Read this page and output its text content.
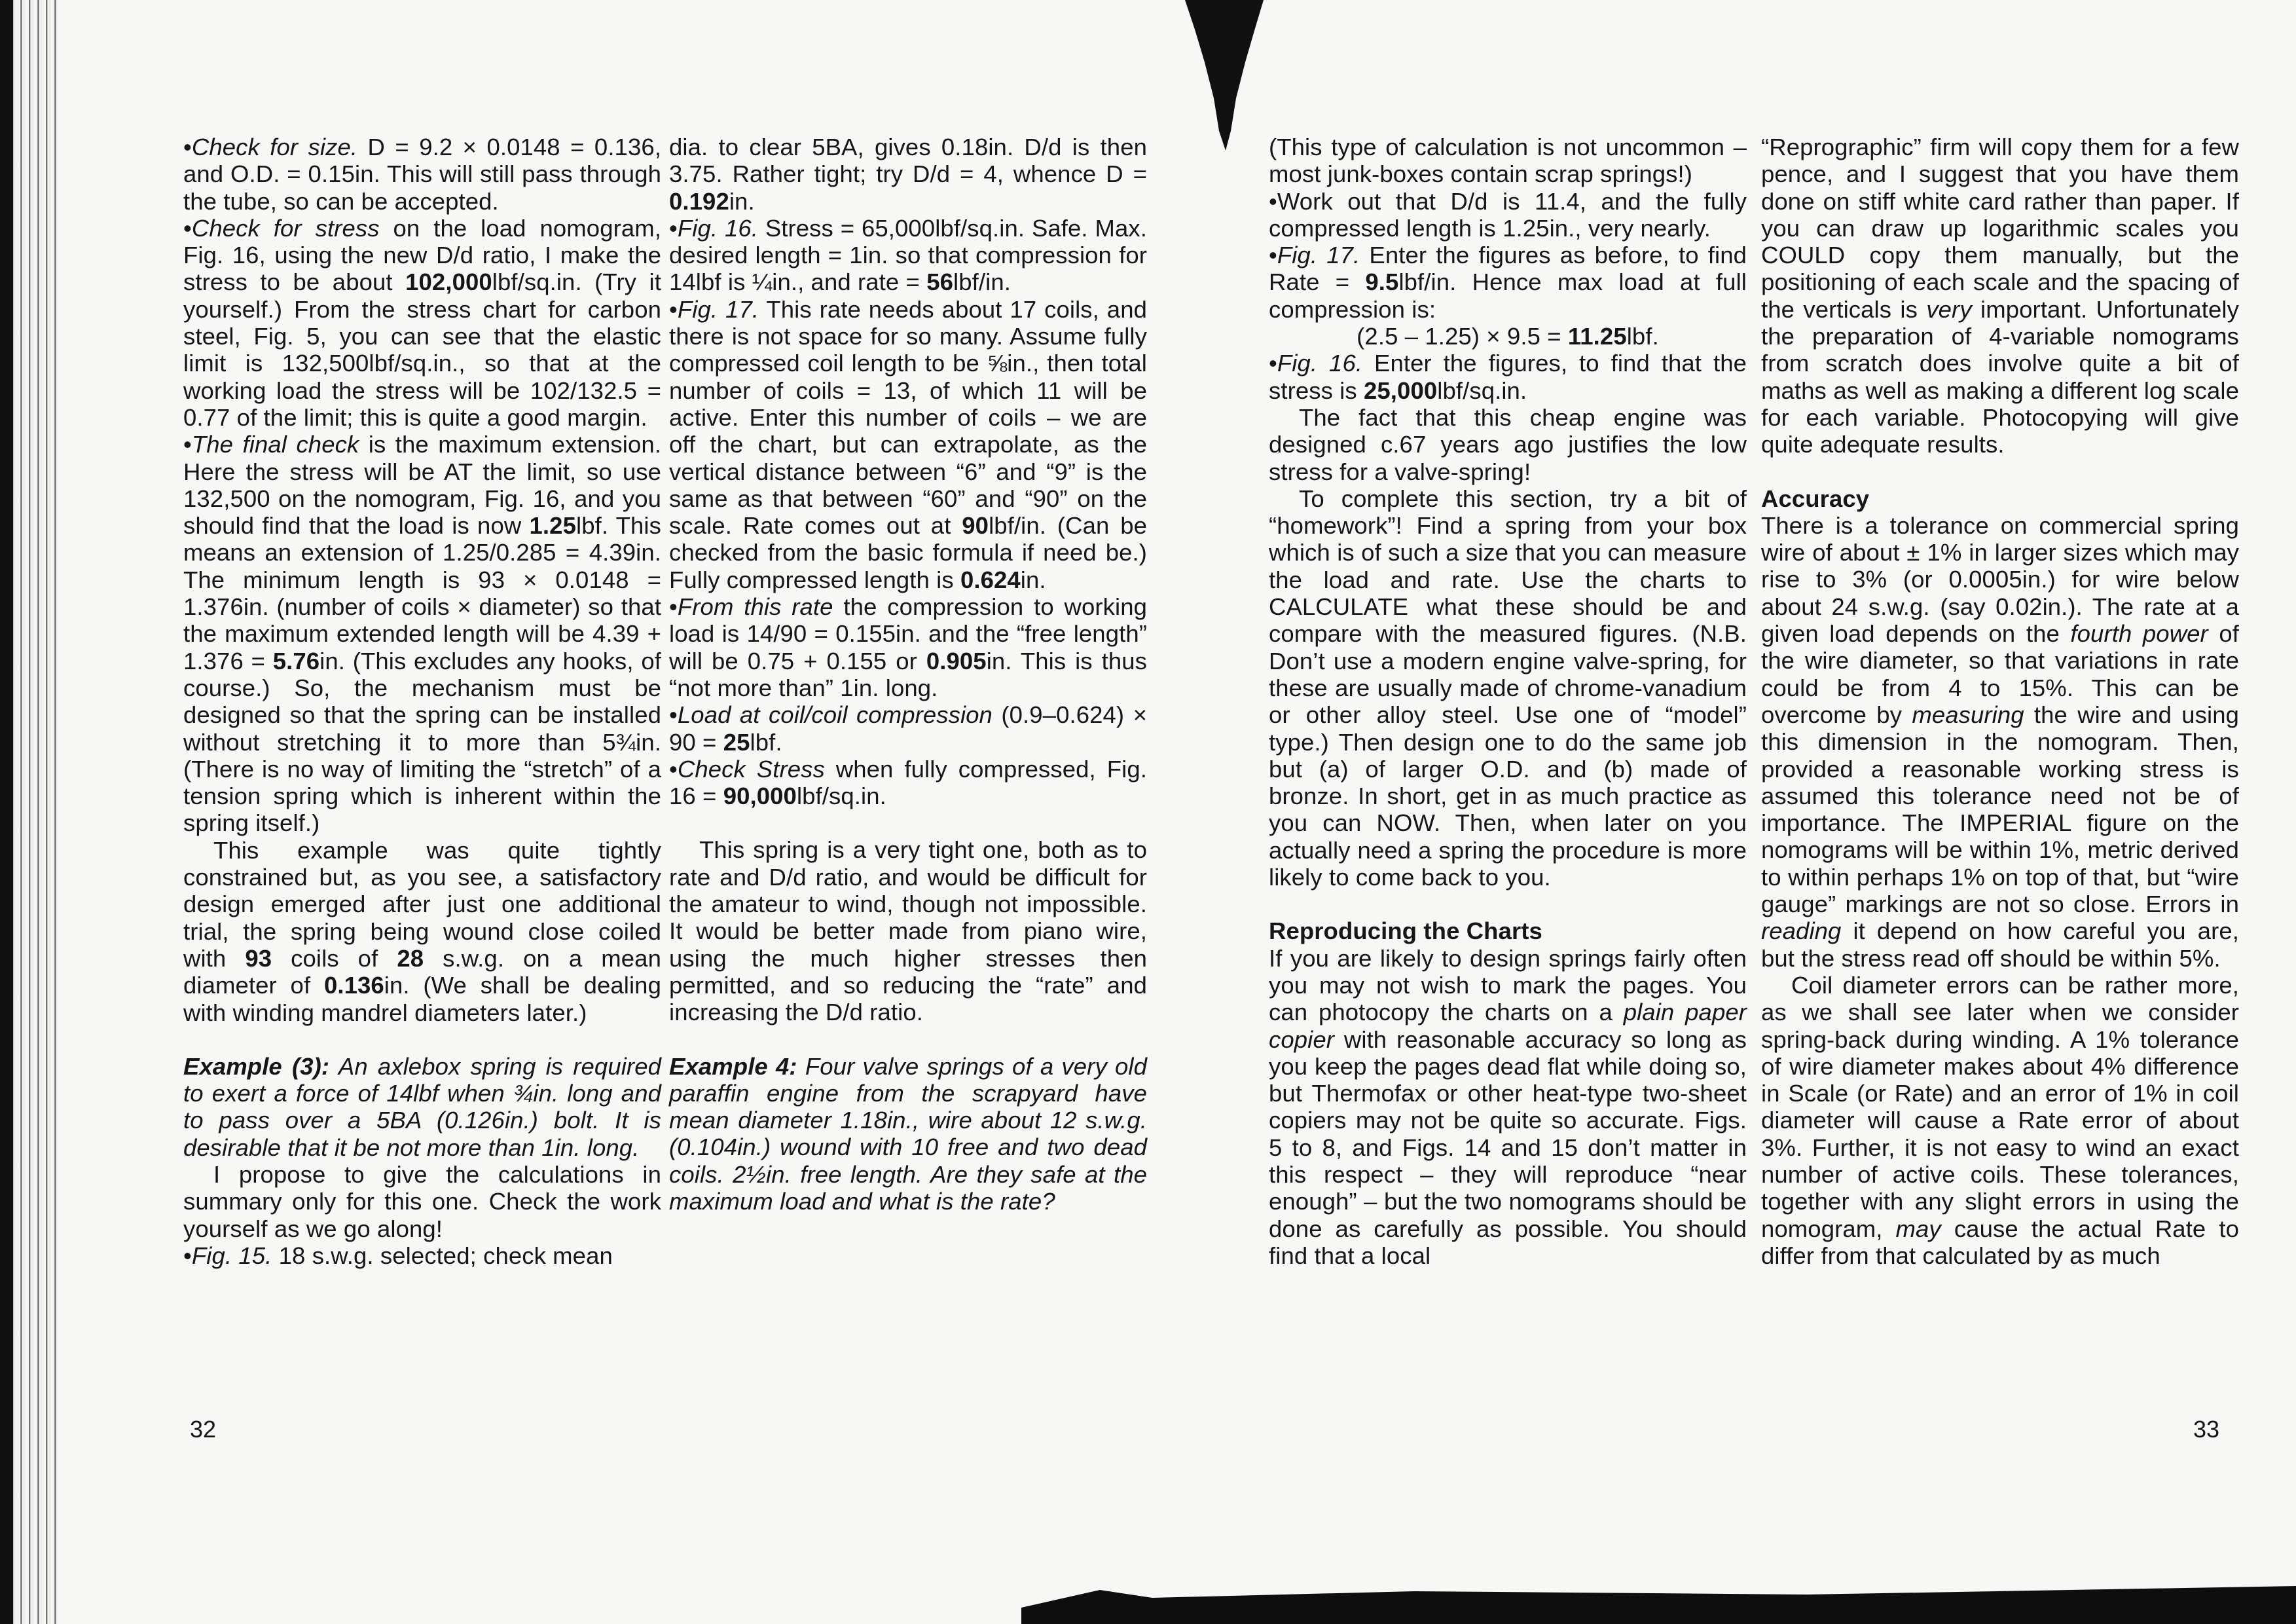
•Check for size. D = 9.2 × 0.0148 = 0.136, and O.D. = 0.15in. This will still pass through the tube, so can be accepted.

•Check for stress on the load nomogram, Fig. 16, using the new D/d ratio, I make the stress to be about 102,000lbf/sq.in. (Try it yourself.) From the stress chart for carbon steel, Fig. 5, you can see that the elastic limit is 132,500lbf/sq.in., so that at the working load the stress will be 102/132.5 = 0.77 of the limit; this is quite a good margin.

•The final check is the maximum extension. Here the stress will be AT the limit, so use 132,500 on the nomogram, Fig. 16, and you should find that the load is now 1.25lbf. This means an extension of 1.25/0.285 = 4.39in. The minimum length is 93 × 0.0148 = 1.376in. (number of coils × diameter) so that the maximum extended length will be 4.39 + 1.376 = 5.76in. (This excludes any hooks, of course.) So, the mechanism must be designed so that the spring can be installed without stretching it to more than 5¾in. (There is no way of limiting the “stretch” of a tension spring which is inherent within the spring itself.)

This example was quite tightly constrained but, as you see, a satisfactory design emerged after just one additional trial, the spring being wound close coiled with 93 coils of 28 s.w.g. on a mean diameter of 0.136in. (We shall be dealing with winding mandrel diameters later.)

Example (3): An axlebox spring is required to exert a force of 14lbf when ¾in. long and to pass over a 5BA (0.126in.) bolt. It is desirable that it be not more than 1in. long.

I propose to give the calculations in summary only for this one. Check the work yourself as we go along!

•Fig. 15. 18 s.w.g. selected; check mean

dia. to clear 5BA, gives 0.18in. D/d is then 3.75. Rather tight; try D/d = 4, whence D = 0.192in.

•Fig. 16. Stress = 65,000lbf/sq.in. Safe. Max. desired length = 1in. so that compression for 14lbf is ¼in., and rate = 56lbf/in.

•Fig. 17. This rate needs about 17 coils, and there is not space for so many. Assume fully compressed coil length to be ⅝in., then total number of coils = 13, of which 11 will be active. Enter this number of coils – we are off the chart, but can extrapolate, as the vertical distance between “6” and “9” is the same as that between “60” and “90” on the scale. Rate comes out at 90lbf/in. (Can be checked from the basic formula if need be.) Fully compressed length is 0.624in.

•From this rate the compression to working load is 14/90 = 0.155in. and the “free length” will be 0.75 + 0.155 or 0.905in. This is thus “not more than” 1in. long.

•Load at coil/coil compression (0.9–0.624) × 90 = 25lbf.

•Check Stress when fully compressed, Fig. 16 = 90,000lbf/sq.in.

This spring is a very tight one, both as to rate and D/d ratio, and would be difficult for the amateur to wind, though not impossible. It would be better made from piano wire, using the much higher stresses then permitted, and so reducing the “rate” and increasing the D/d ratio.

Example 4: Four valve springs of a very old paraffin engine from the scrapyard have mean diameter 1.18in., wire about 12 s.w.g. (0.104in.) wound with 10 free and two dead coils. 2½in. free length. Are they safe at the maximum load and what is the rate?

(This type of calculation is not uncommon – most junk-boxes contain scrap springs!)

•Work out that D/d is 11.4, and the fully compressed length is 1.25in., very nearly.

•Fig. 17. Enter the figures as before, to find Rate = 9.5lbf/in. Hence max load at full compression is:

(2.5 – 1.25) × 9.5 = 11.25lbf.

•Fig. 16. Enter the figures, to find that the stress is 25,000lbf/sq.in.

The fact that this cheap engine was designed c.67 years ago justifies the low stress for a valve-spring!

To complete this section, try a bit of “homework”! Find a spring from your box which is of such a size that you can measure the load and rate. Use the charts to CALCULATE what these should be and compare with the measured figures. (N.B. Don’t use a modern engine valve-spring, for these are usually made of chrome-vanadium or other alloy steel. Use one of “model” type.) Then design one to do the same job but (a) of larger O.D. and (b) made of bronze. In short, get in as much practice as you can NOW. Then, when later on you actually need a spring the procedure is more likely to come back to you.

Reproducing the Charts

If you are likely to design springs fairly often you may not wish to mark the pages. You can photocopy the charts on a plain paper copier with reasonable accuracy so long as you keep the pages dead flat while doing so, but Thermofax or other heat-type two-sheet copiers may not be quite so accurate. Figs. 5 to 8, and Figs. 14 and 15 don’t matter in this respect – they will reproduce “near enough” – but the two nomograms should be done as carefully as possible. You should find that a local

“Reprographic” firm will copy them for a few pence, and I suggest that you have them done on stiff white card rather than paper. If you can draw up logarithmic scales you COULD copy them manually, but the positioning of each scale and the spacing of the verticals is very important. Unfortunately the preparation of 4-variable nomograms from scratch does involve quite a bit of maths as well as making a different log scale for each variable. Photocopying will give quite adequate results.

Accuracy

There is a tolerance on commercial spring wire of about ± 1% in larger sizes which may rise to 3% (or 0.0005in.) for wire below about 24 s.w.g. (say 0.02in.). The rate at a given load depends on the fourth power of the wire diameter, so that variations in rate could be from 4 to 15%. This can be overcome by measuring the wire and using this dimension in the nomogram. Then, provided a reasonable working stress is assumed this tolerance need not be of importance. The IMPERIAL figure on the nomograms will be within 1%, metric derived to within perhaps 1% on top of that, but “wire gauge” markings are not so close. Errors in reading it depend on how careful you are, but the stress read off should be within 5%.

Coil diameter errors can be rather more, as we shall see later when we consider spring-back during winding. A 1% tolerance of wire diameter makes about 4% difference in Scale (or Rate) and an error of 1% in coil diameter will cause a Rate error of about 3%. Further, it is not easy to wind an exact number of active coils. These tolerances, together with any slight errors in using the nomogram, may cause the actual Rate to differ from that calculated by as much

32	33
